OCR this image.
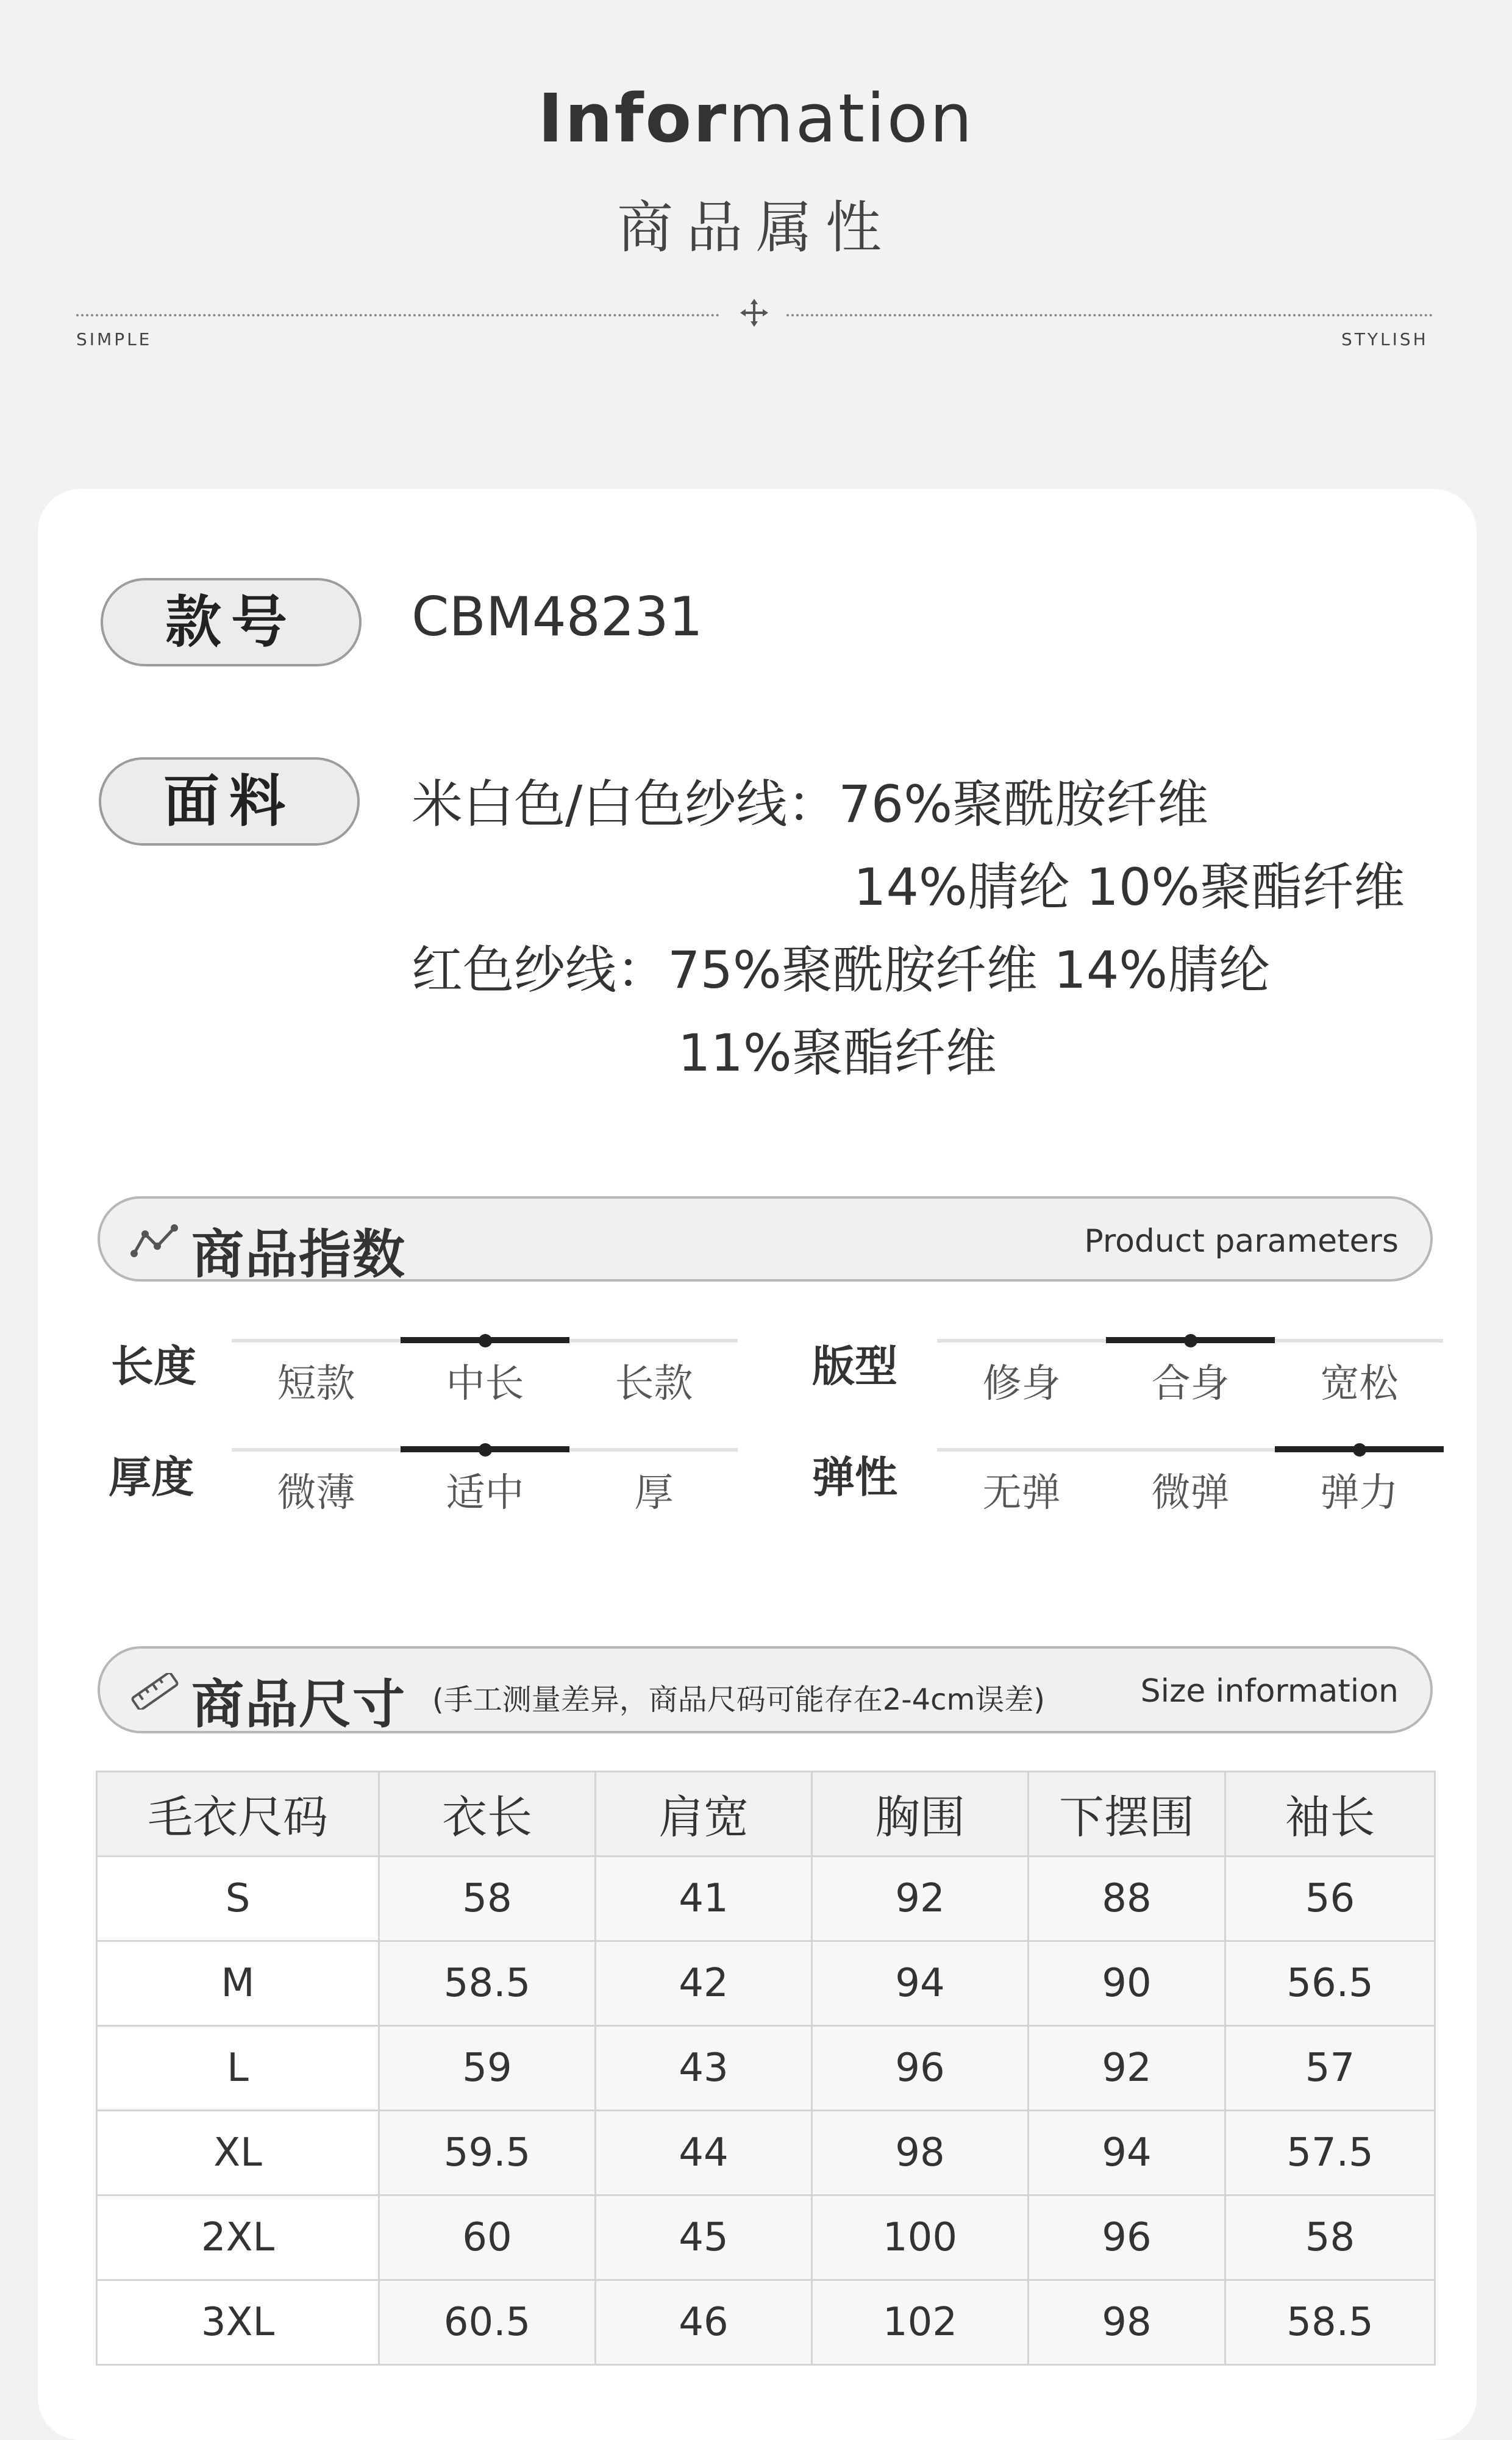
Information
商品属性
SIMPLE	STYLISH
款号	CBM48231
面料	米白色/白色纱线：76%聚酰胺纤维
14%腈纶 10%聚酯纤维
红色纱线：75%聚酰胺纤维 14%腈纶
11%聚酯纤维
商品指数	Product parameters
长度	短款	中长	长款	版型	修身	合身	宽松
厚度	微薄	适中	厚	弹性	无弹	微弹	弹力
商品尺寸 (手工测量差异，商品尺码可能存在2-4cm误差)	Size information
毛衣尺码	衣长	肩宽	胸围	下摆围	袖长
S	58	41	92	88	56
M	58.5	42	94	90	56.5
L	59	43	96	92	57
XL	59.5	44	98	94	57.5
2XL	60	45	100	96	58
3XL	60.5	46	102	98	58.5
